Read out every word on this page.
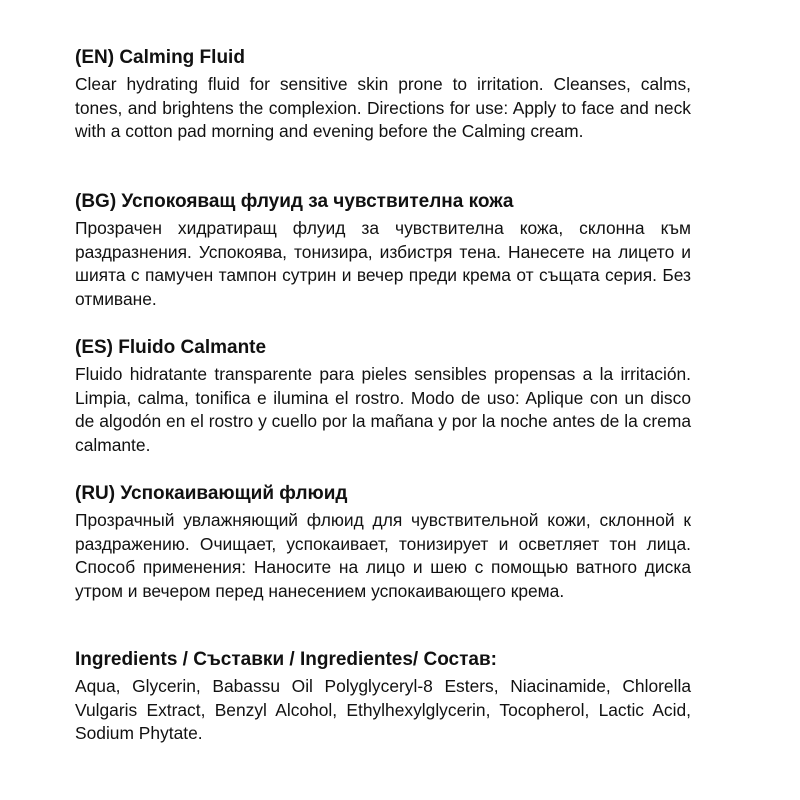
(EN) Calming Fluid

Clear hydrating fluid for sensitive skin prone to irritation. Cleanses, calms, tones, and brightens the complexion. Directions for use: Apply to face and neck with a cotton pad morning and evening before the Calming cream.

(BG) Успокояващ флуид за чувствителна кожа

Прозрачен хидратиращ флуид за чувствителна кожа, склонна към раздразнения. Успокоява, тонизира, избистря тена. Нанесете на лицето и шията с памучен тампон сутрин и вечер преди крема от същата серия. Без отмиване.

(ES) Fluido Calmante

Fluido hidratante transparente para pieles sensibles propensas a la irritación. Limpia, calma, tonifica e ilumina el rostro. Modo de uso: Aplique con un disco de algodón en el rostro y cuello por la mañana y por la noche antes de la crema calmante.

(RU) Успокаивающий флюид

Прозрачный увлажняющий флюид для чувствительной кожи, склонной к раздражению. Очищает, успокаивает, тонизирует и осветляет тон лица. Способ применения: Наносите на лицо и шею с помощью ватного диска утром и вечером перед нанесением успокаивающего крема.

Ingredients / Съставки / Ingredientes/ Состав:

Aqua, Glycerin, Babassu Oil Polyglyceryl-8 Esters, Niacinamide, Chlorella Vulgaris Extract, Benzyl Alcohol, Ethylhexylglycerin, Tocopherol, Lactic Acid, Sodium Phytate.
